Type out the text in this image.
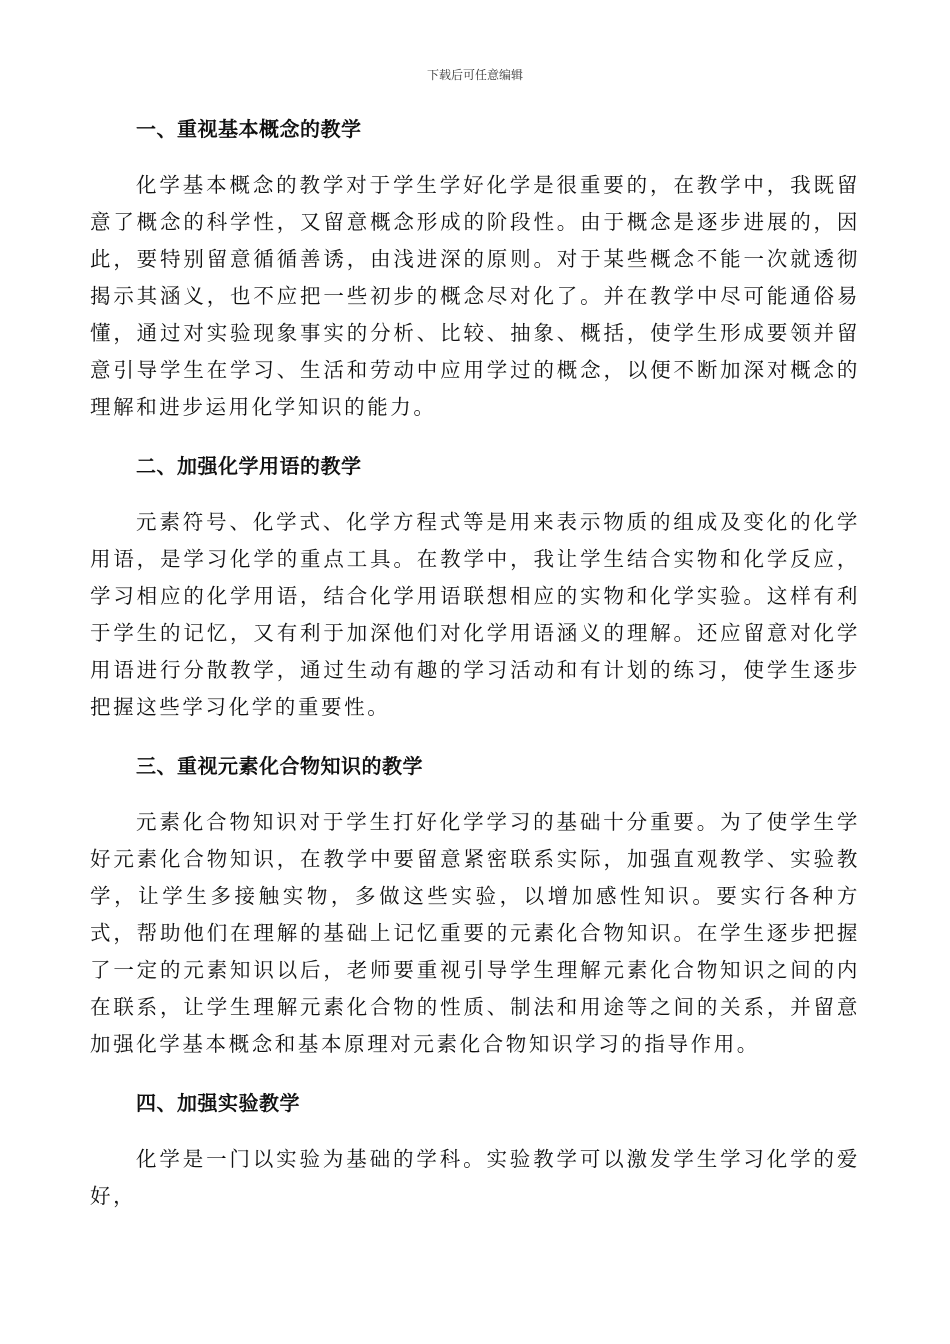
下载后可任意编辑
一、重视基本概念的教学

化学基本概念的教学对于学生学好化学是很重要的，在教学中，我既留意了概念的科学性，又留意概念形成的阶段性。由于概念是逐步进展的，因此，要特别留意循循善诱，由浅进深的原则。对于某些概念不能一次就透彻揭示其涵义，也不应把一些初步的概念尽对化了。并在教学中尽可能通俗易懂，通过对实验现象事实的分析、比较、抽象、概括，使学生形成要领并留意引导学生在学习、生活和劳动中应用学过的概念，以便不断加深对概念的理解和进步运用化学知识的能力。

二、加强化学用语的教学

元素符号、化学式、化学方程式等是用来表示物质的组成及变化的化学用语，是学习化学的重点工具。在教学中，我让学生结合实物和化学反应，学习相应的化学用语，结合化学用语联想相应的实物和化学实验。这样有利于学生的记忆，又有利于加深他们对化学用语涵义的理解。还应留意对化学用语进行分散教学，通过生动有趣的学习活动和有计划的练习，使学生逐步把握这些学习化学的重要性。

三、重视元素化合物知识的教学

元素化合物知识对于学生打好化学学习的基础十分重要。为了使学生学好元素化合物知识，在教学中要留意紧密联系实际，加强直观教学、实验教学，让学生多接触实物，多做这些实验，以增加感性知识。要实行各种方式，帮助他们在理解的基础上记忆重要的元素化合物知识。在学生逐步把握了一定的元素知识以后，老师要重视引导学生理解元素化合物知识之间的内在联系，让学生理解元素化合物的性质、制法和用途等之间的关系，并留意加强化学基本概念和基本原理对元素化合物知识学习的指导作用。

四、加强实验教学

化学是一门以实验为基础的学科。实验教学可以激发学生学习化学的爱好，
